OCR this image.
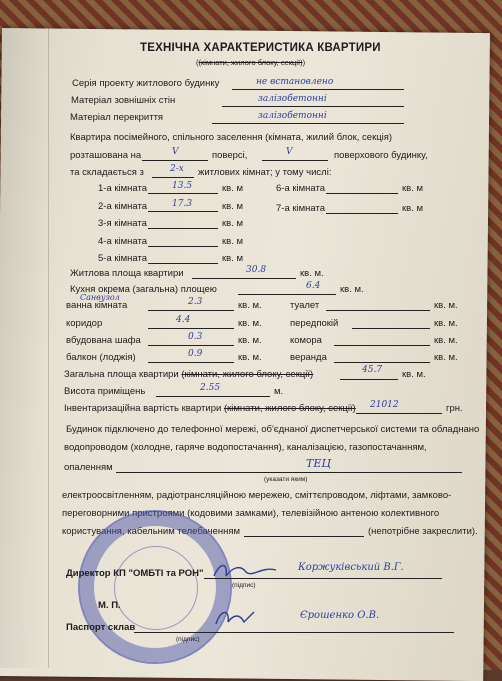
ТЕХНІЧНА ХАРАКТЕРИСТИКА КВАРТИРИ
((кімнати, жилого блоку, секції))
Серія проекту житлового будинку	не встановлено
Матеріал зовнішніх стін	залізобетонні
Матеріал перекриття	залізобетонні
Квартира посімейного, спільного заселення (кімната, жилий блок, секція)
розташована на	V	поверсі,	V	поверхового будинку,
та складається з	2-х житлових кімнат; у тому числі:
1-а кімната	13.5	кв. м
2-а кімната	17.3	кв. м
3-я кімната	кв. м
4-а кімната	кв. м
5-а кімната	кв. м
6-а кімната	кв. м
7-а кімната	кв. м
Житлова площа квартири	30.8	кв. м.
Кухня окрема (загальна) площею	6.4 кв. м.
Санвузол
ванна кімната	2.3	кв. м.	туалет	кв. м.
коридор	4.4	кв. м.	передпокій	кв. м.
вбудована шафа	0.3	кв. м.	комора	кв. м.
балкон (лоджія)	0.9	кв. м.	веранда	кв. м.
Загальна площа квартири (кімнати, жилого блоку, секції)	45.7 кв. м.
Висота приміщень	2.55	м.
Інвентаризаційна вартість квартири (кімнати, жилого блоку, секції) 21012	грн.
Будинок підключено до телефонної мережі, об'єднаної диспетчерської системи та обладнано
водопроводом (холодне, гаряче водопостачання), каналізацією, газопостачанням,
опаленням	ТЕЦ
(указати яким)
електроосвітленням, радіотрансляційною мережею, сміттєпроводом, ліфтами, замково-
переговорними пристроями (кодовими замками), телевізійною антеною колективного
користування, кабельним телебаченням	(непотрібне закреслити).
Директор КП "ОМБТІ та РОН"
Коржуківський В.Г.
(підпис)
М. П.
Паспорт склав
Єрошенко О.В.
(підпис)
